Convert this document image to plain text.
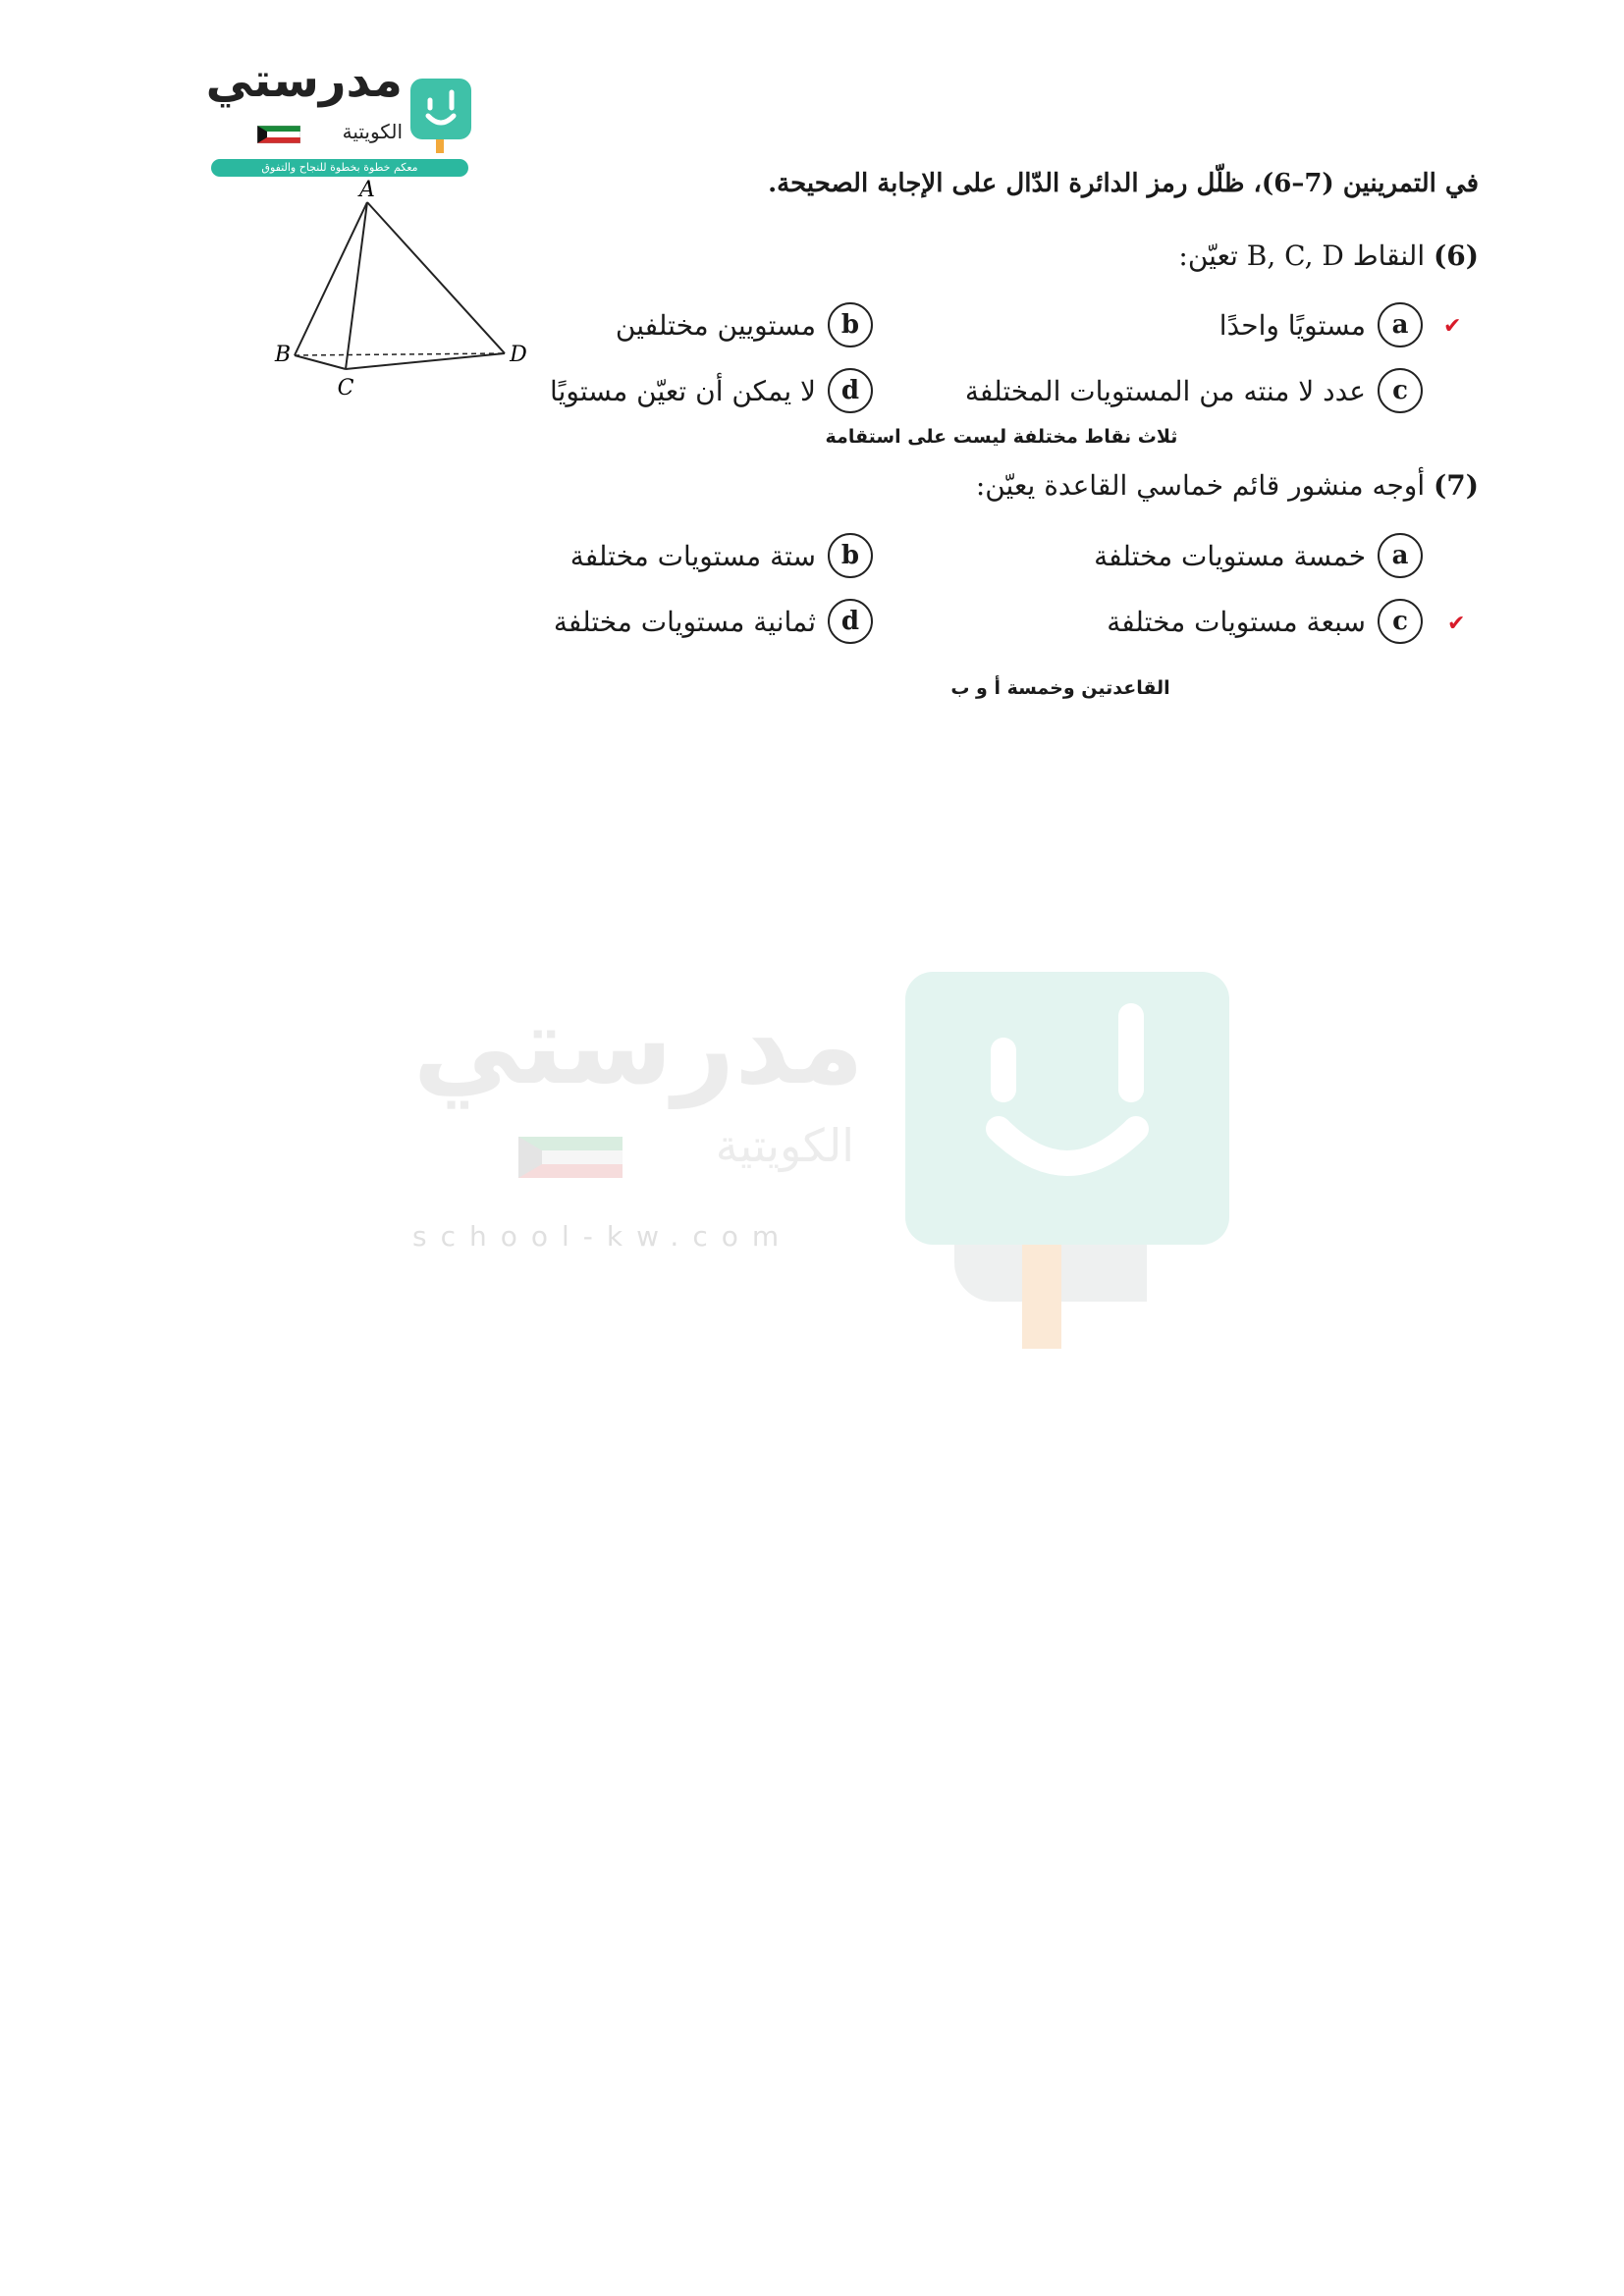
مدرستي
الكويتية
معكم خطوة بخطوة للنجاح والتفوق
A
B
C
D
في التمرينين (7–6)، ظلّل رمز الدائرة الدّال على الإجابة الصحيحة.
(6) النقاط B, C, D تعيّن:
✔
a
مستويًا واحدًا
b
مستويين مختلفين
c
عدد لا منته من المستويات المختلفة
d
لا يمكن أن تعيّن مستويًا
ثلاث نقاط مختلفة ليست على استقامة
(7) أوجه منشور قائم خماسي القاعدة يعيّن:
a
خمسة مستويات مختلفة
b
ستة مستويات مختلفة
✔
c
سبعة مستويات مختلفة
d
ثمانية مستويات مختلفة
القاعدتين وخمسة أ و ب
مدرستي
الكويتية
school-kw.com
